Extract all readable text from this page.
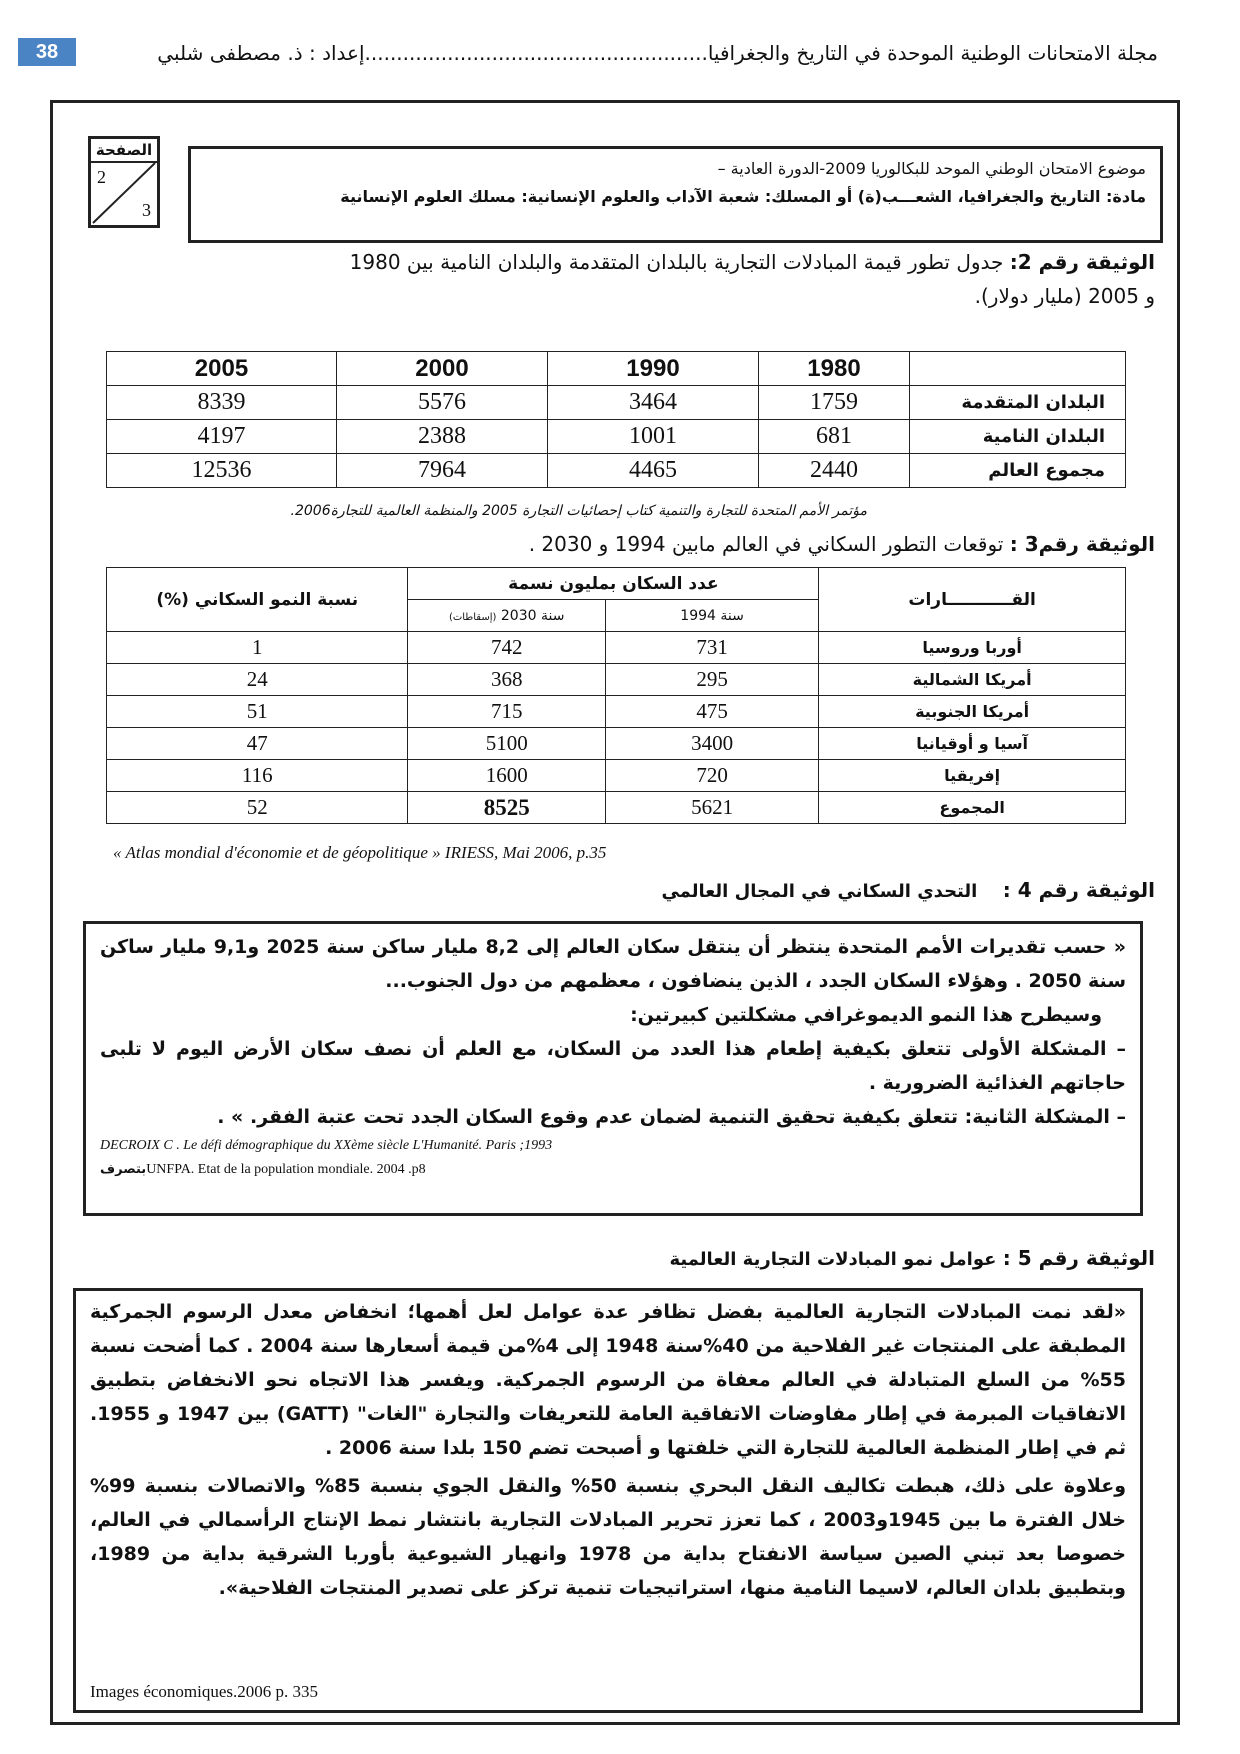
38	مجلة الامتحانات الوطنية الموحدة في التاريخ والجغرافيا......................................................إعداد : ذ. مصطفى شلبي
الصفحة
2
3
موضوع الامتحان الوطني الموحد للبكالوريا 2009-الدورة العادية –
مادة: التاريخ والجغرافيا، الشعـــب(ة) أو المسلك: شعبة الآداب والعلوم الإنسانية: مسلك العلوم الإنسانية
الوثيقة رقم 2: جدول تطور قيمة المبادلات التجارية بالبلدان المتقدمة والبلدان النامية بين 1980
و 2005 (مليار دولار).
	1980	1990	2000	2005
البلدان المتقدمة	1759	3464	5576	8339
البلدان النامية	681	1001	2388	4197
مجموع العالم	2440	4465	7964	12536
مؤتمر الأمم المتحدة للتجارة والتنمية كتاب إحصائيات التجارة 2005 والمنظمة العالمية للتجارة2006.
الوثيقة رقم3 : توقعات التطور السكاني في العالم مابين 1994 و 2030 .
القـــــــــــارات	عدد السكان بمليون نسمة		نسبة النمو السكاني (%)
	سنة 1994	سنة 2030 (إسقاطات)	
أوربا وروسيا	731	742	1
أمريكا الشمالية	295	368	24
أمريكا الجنوبية	475	715	51
آسيا و أوقيانيا	3400	5100	47
إفريقيا	720	1600	116
المجموع	5621	8525	52
« Atlas mondial d'économie et de géopolitique » IRIESS, Mai 2006, p.35
الوثيقة رقم 4 :    التحدي السكاني في المجال العالمي
« حسب تقديرات الأمم المتحدة ينتظر أن ينتقل سكان العالم إلى 8,2 مليار ساكن سنة 2025 و9,1 مليار ساكن سنة 2050 . وهؤلاء السكان الجدد ، الذين ينضافون ، معظمهم من دول الجنوب...
وسيطرح هذا النمو الديموغرافي مشكلتين كبيرتين:
– المشكلة الأولى تتعلق بكيفية إطعام هذا العدد من السكان، مع العلم أن نصف سكان الأرض اليوم لا تلبى حاجاتهم الغذائية الضرورية .
– المشكلة الثانية: تتعلق بكيفية تحقيق التنمية لضمان عدم وقوع السكان الجدد تحت عتبة الفقر. » .
DECROIX C . Le défi démographique du XXème siècle L'Humanité. Paris ;1993
بتصرفUNFPA. Etat de la population mondiale. 2004 .p8
الوثيقة رقم 5 : عوامل نمو المبادلات التجارية العالمية
«لقد نمت المبادلات التجارية العالمية بفضل تظافر عدة عوامل لعل أهمها؛ انخفاض معدل الرسوم الجمركية المطبقة على المنتجات غير الفلاحية من 40%سنة 1948 إلى 4%من قيمة أسعارها سنة 2004 . كما أضحت نسبة 55% من السلع المتبادلة في العالم معفاة من الرسوم الجمركية. ويفسر هذا الاتجاه نحو الانخفاض بتطبيق الاتفاقيات المبرمة في إطار مفاوضات الاتفاقية العامة للتعريفات والتجارة "الغات" (GATT) بين 1947 و 1955. ثم في إطار المنظمة العالمية للتجارة التي خلفتها و أصبحت تضم 150 بلدا سنة 2006 .
وعلاوة على ذلك، هبطت تكاليف النقل البحري بنسبة 50% والنقل الجوي بنسبة 85% والاتصالات بنسبة 99% خلال الفترة ما بين 1945و2003 ، كما تعزز تحرير المبادلات التجارية بانتشار نمط الإنتاج الرأسمالي في العالم، خصوصا بعد تبني الصين سياسة الانفتاح بداية من 1978 وانهيار الشيوعية بأوربا الشرقية بداية من 1989، وبتطبيق بلدان العالم، لاسيما النامية منها، استراتيجيات تنمية تركز على تصدير المنتجات الفلاحية».
Images économiques.2006 p. 335
